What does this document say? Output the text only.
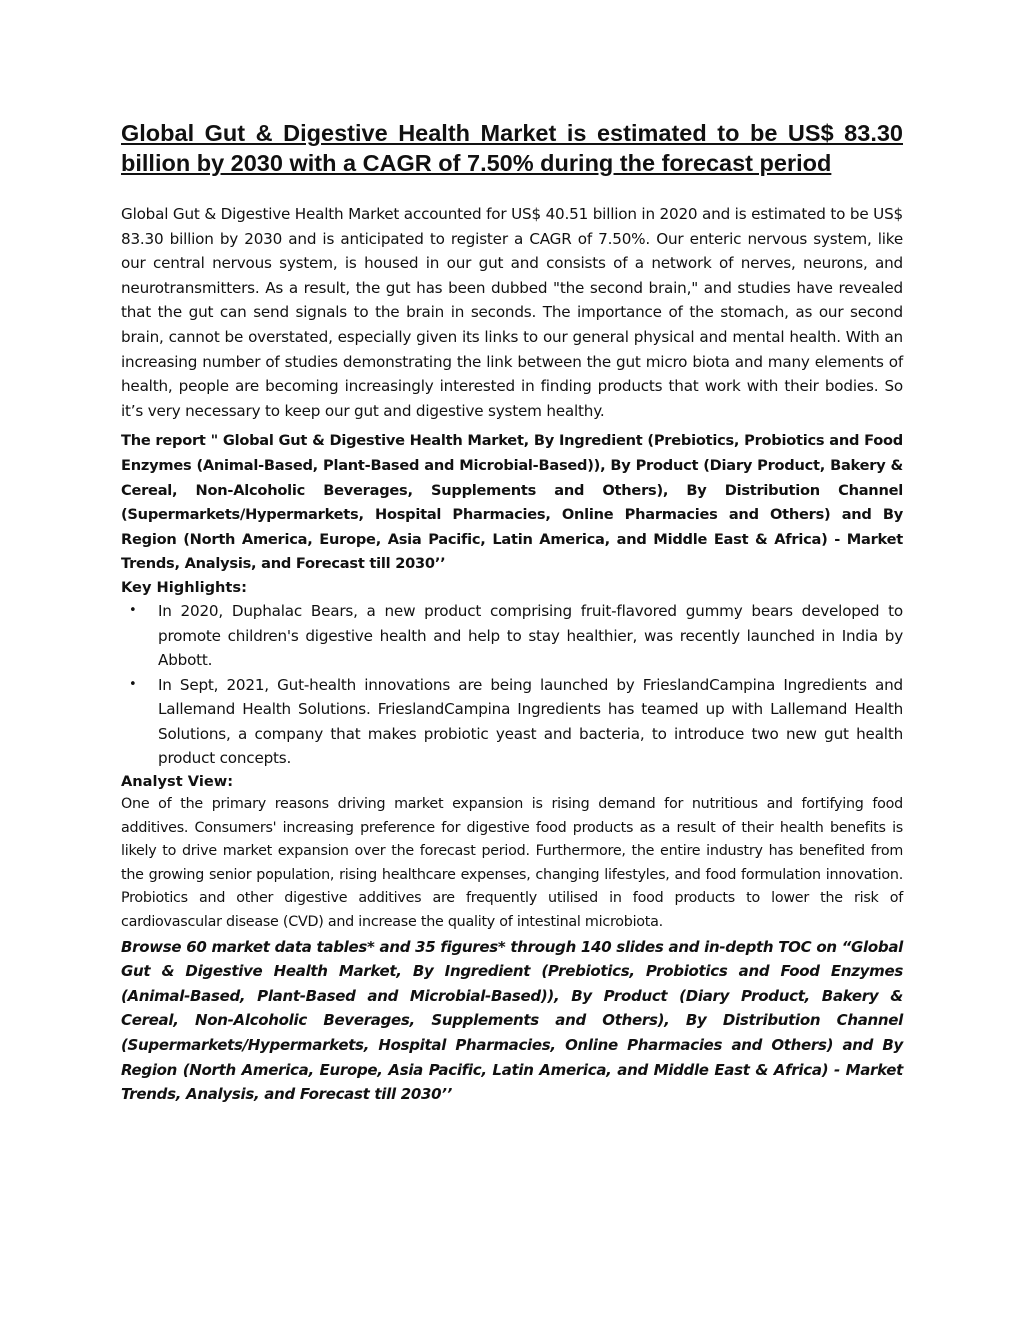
Global Gut & Digestive Health Market is estimated to be US$ 83.30 billion by 2030 with a CAGR of 7.50% during the forecast period

Global Gut & Digestive Health Market accounted for US$ 40.51 billion in 2020 and is estimated to be US$ 83.30 billion by 2030 and is anticipated to register a CAGR of 7.50%. Our enteric nervous system, like our central nervous system, is housed in our gut and consists of a network of nerves, neurons, and neurotransmitters. As a result, the gut has been dubbed "the second brain," and studies have revealed that the gut can send signals to the brain in seconds. The importance of the stomach, as our second brain, cannot be overstated, especially given its links to our general physical and mental health. With an increasing number of studies demonstrating the link between the gut micro biota and many elements of health, people are becoming increasingly interested in finding products that work with their bodies. So it’s very necessary to keep our gut and digestive system healthy.

The report " Global Gut & Digestive Health Market, By Ingredient (Prebiotics, Probiotics and Food Enzymes (Animal-Based, Plant-Based and Microbial-Based)), By Product (Diary Product, Bakery & Cereal, Non-Alcoholic Beverages, Supplements and Others), By Distribution Channel (Supermarkets/Hypermarkets, Hospital Pharmacies, Online Pharmacies and Others) and By Region (North America, Europe, Asia Pacific, Latin America, and Middle East & Africa) - Market Trends, Analysis, and Forecast till 2030’’

Key Highlights:
• In 2020, Duphalac Bears, a new product comprising fruit-flavored gummy bears developed to promote children's digestive health and help to stay healthier, was recently launched in India by Abbott.
• In Sept, 2021, Gut-health innovations are being launched by FrieslandCampina Ingredients and Lallemand Health Solutions. FrieslandCampina Ingredients has teamed up with Lallemand Health Solutions, a company that makes probiotic yeast and bacteria, to introduce two new gut health product concepts.
Analyst View:

One of the primary reasons driving market expansion is rising demand for nutritious and fortifying food additives. Consumers' increasing preference for digestive food products as a result of their health benefits is likely to drive market expansion over the forecast period. Furthermore, the entire industry has benefited from the growing senior population, rising healthcare expenses, changing lifestyles, and food formulation innovation. Probiotics and other digestive additives are frequently utilised in food products to lower the risk of cardiovascular disease (CVD) and increase the quality of intestinal microbiota.

Browse 60 market data tables* and 35 figures* through 140 slides and in-depth TOC on “Global Gut & Digestive Health Market, By Ingredient (Prebiotics, Probiotics and Food Enzymes (Animal-Based, Plant-Based and Microbial-Based)), By Product (Diary Product, Bakery & Cereal, Non-Alcoholic Beverages, Supplements and Others), By Distribution Channel (Supermarkets/Hypermarkets, Hospital Pharmacies, Online Pharmacies and Others) and By Region (North America, Europe, Asia Pacific, Latin America, and Middle East & Africa) - Market Trends, Analysis, and Forecast till 2030’’
